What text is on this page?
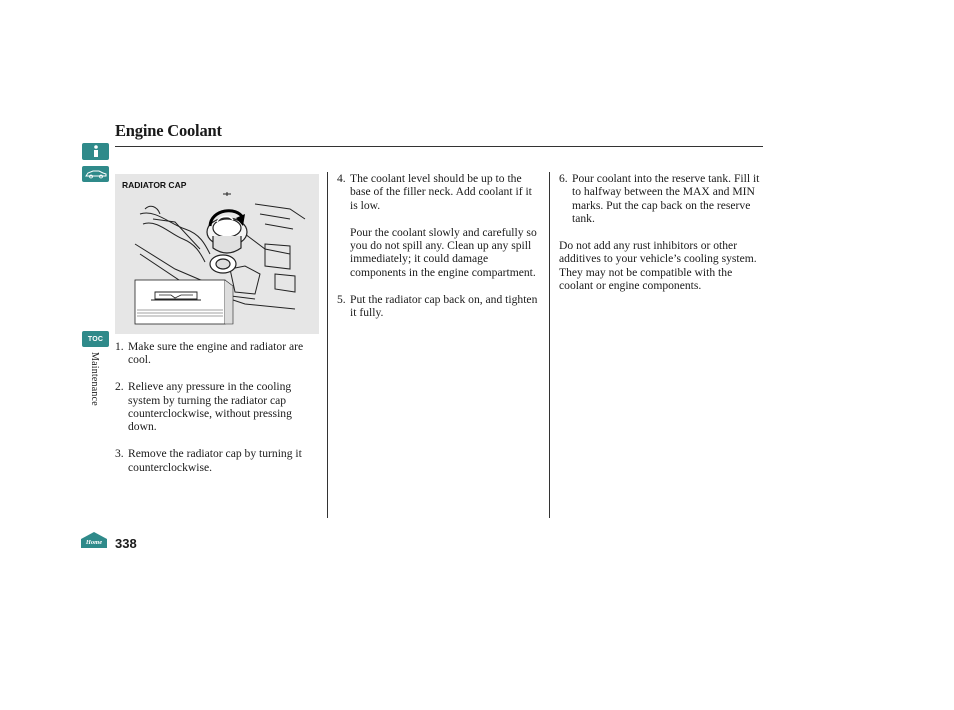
Engine Coolant
TOC
Maintenance
Home 338
RADIATOR CAP
1. Make sure the engine and radiator are cool.
2. Relieve any pressure in the cooling system by turning the radiator cap counterclockwise, without pressing down.
3. Remove the radiator cap by turning it counterclockwise.
4. The coolant level should be up to the base of the filler neck. Add coolant if it is low.
Pour the coolant slowly and carefully so you do not spill any. Clean up any spill immediately; it could damage components in the engine compartment.
5. Put the radiator cap back on, and tighten it fully.
6. Pour coolant into the reserve tank. Fill it to halfway between the MAX and MIN marks. Put the cap back on the reserve tank.
Do not add any rust inhibitors or other additives to your vehicle’s cooling system. They may not be compatible with the coolant or engine components.
